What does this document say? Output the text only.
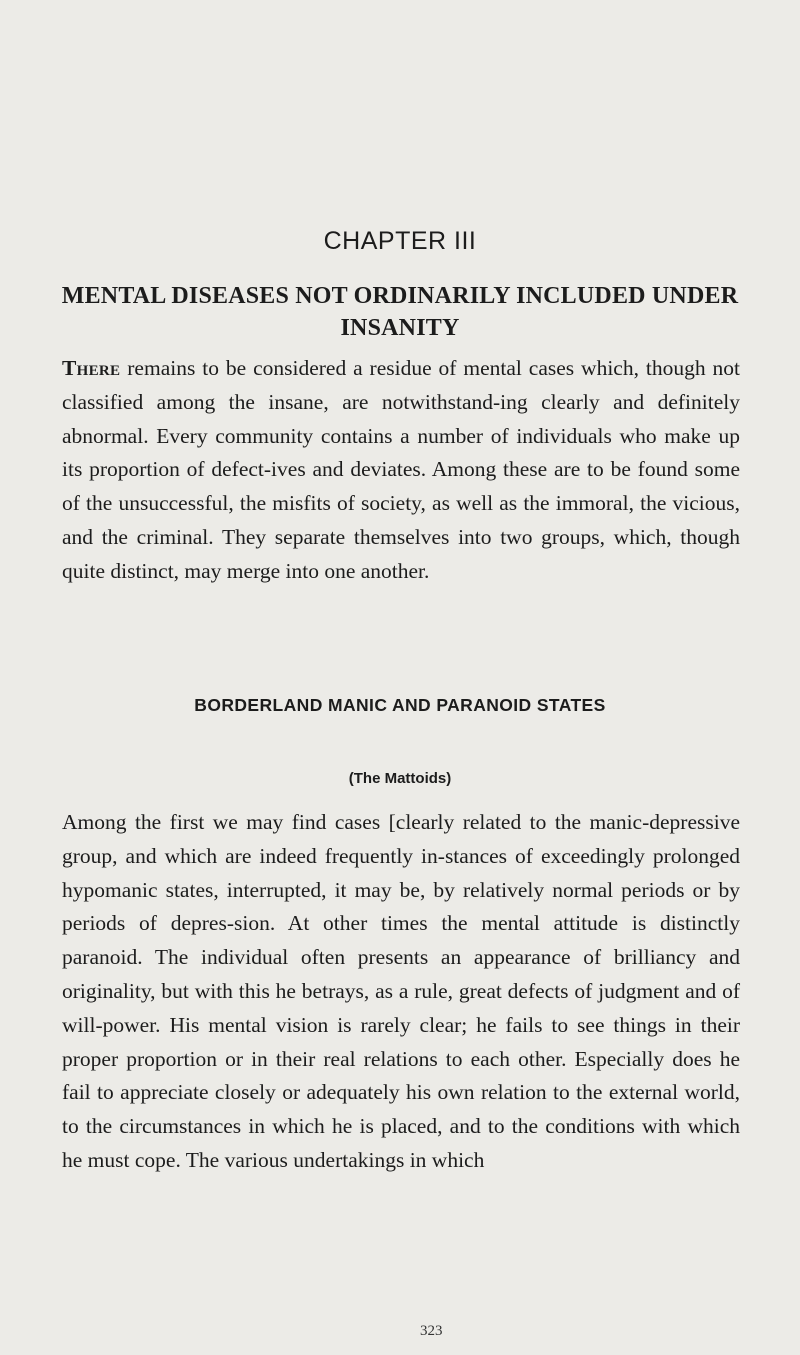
CHAPTER III
MENTAL DISEASES NOT ORDINARILY INCLUDED UNDER INSANITY
There remains to be considered a residue of mental cases which, though not classified among the insane, are notwithstand-ing clearly and definitely abnormal. Every community contains a number of individuals who make up its proportion of defect-ives and deviates. Among these are to be found some of the unsuccessful, the misfits of society, as well as the immoral, the vicious, and the criminal. They separate themselves into two groups, which, though quite distinct, may merge into one another.
BORDERLAND MANIC AND PARANOID STATES
(The Mattoids)
Among the first we may find cases [clearly related to the manic-depressive group, and which are indeed frequently in-stances of exceedingly prolonged hypomanic states, interrupted, it may be, by relatively normal periods or by periods of depres-sion. At other times the mental attitude is distinctly paranoid. The individual often presents an appearance of brilliancy and originality, but with this he betrays, as a rule, great defects of judgment and of will-power. His mental vision is rarely clear; he fails to see things in their proper proportion or in their real relations to each other. Especially does he fail to appreciate closely or adequately his own relation to the external world, to the circumstances in which he is placed, and to the conditions with which he must cope. The various undertakings in which
323
